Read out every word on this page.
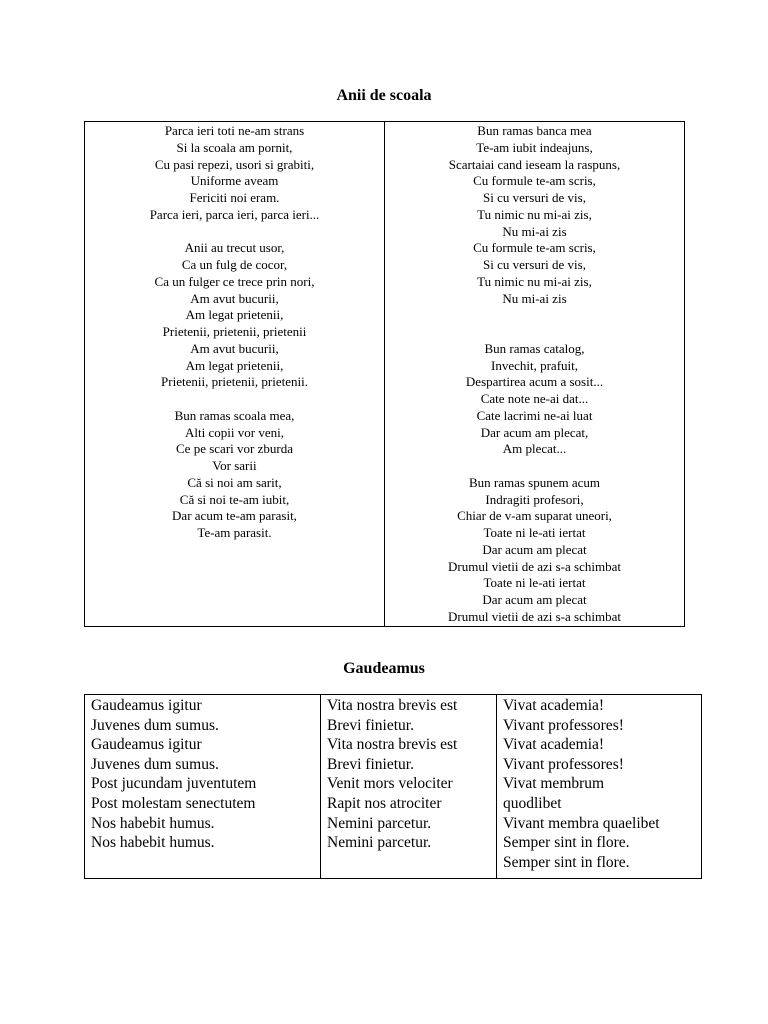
Anii de scoala
Parca ieri toti ne-am strans
Si la scoala am pornit,
Cu pasi repezi, usori si grabiti,
Uniforme aveam
Fericiti noi eram.
Parca ieri, parca ieri, parca ieri...
Anii au trecut usor,
Ca un fulg de cocor,
Ca un fulger ce trece prin nori,
Am avut bucurii,
Am legat prietenii,
Prietenii, prietenii, prietenii
Am avut bucurii,
Am legat prietenii,
Prietenii, prietenii, prietenii.
Bun ramas scoala mea,
Alti copii vor veni,
Ce pe scari vor zburda
Vor sarii
Că si noi am sarit,
Că si noi te-am iubit,
Dar acum te-am parasit,
Te-am parasit.

Bun ramas banca mea
Te-am iubit indeajuns,
Scartaiai cand ieseam la raspuns,
Cu formule te-am scris,
Si cu versuri de vis,
Tu nimic nu mi-ai zis,
Nu mi-ai zis
Cu formule te-am scris,
Si cu versuri de vis,
Tu nimic nu mi-ai zis,
Nu mi-ai zis
Bun ramas catalog,
Invechit, prafuit,
Despartirea acum a sosit...
Cate note ne-ai dat...
Cate lacrimi ne-ai luat
Dar acum am plecat,
Am plecat...
Bun ramas spunem acum
Indragiti profesori,
Chiar de v-am suparat uneori,
Toate ni le-ati iertat
Dar acum am plecat
Drumul vietii de azi s-a schimbat
Toate ni le-ati iertat
Dar acum am plecat
Drumul vietii de azi s-a schimbat
Gaudeamus
Gaudeamus igitur
Juvenes dum sumus.
Gaudeamus igitur
Juvenes dum sumus.
Post jucundam juventutem
Post molestam senectutem
Nos habebit humus.
Nos habebit humus.

Vita nostra brevis est
Brevi finietur.
Vita nostra brevis est
Brevi finietur.
Venit mors velociter
Rapit nos atrociter
Nemini parcetur.
Nemini parcetur.

Vivat academia!
Vivant professores!
Vivat academia!
Vivant professores!
Vivat membrum
quodlibet
Vivant membra quaelibet
Semper sint in flore.
Semper sint in flore.
